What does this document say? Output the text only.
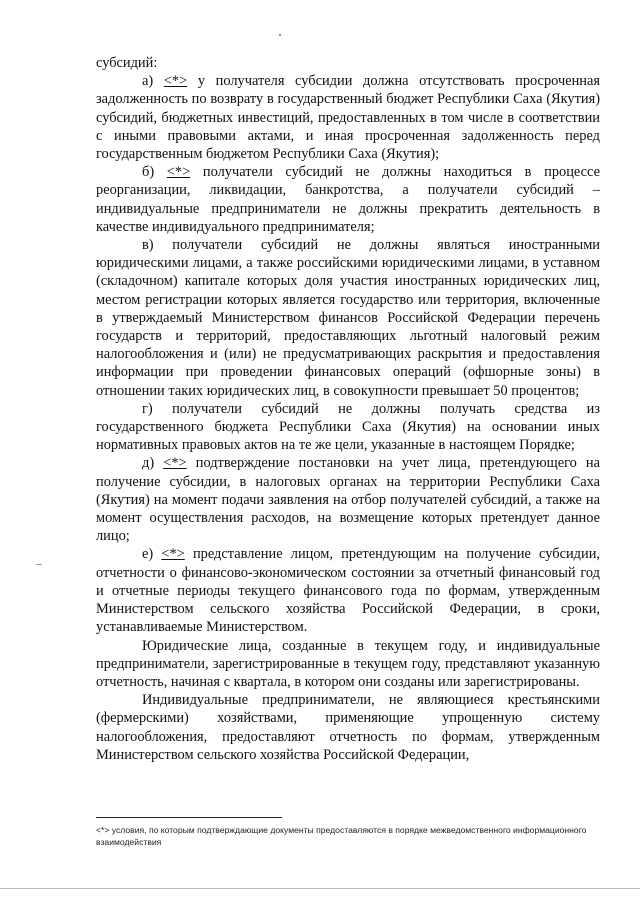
субсидий:

а) <*> у получателя субсидии должна отсутствовать просроченная задолженность по возврату в государственный бюджет Республики Саха (Якутия) субсидий, бюджетных инвестиций, предоставленных в том числе в соответствии с иными правовыми актами, и иная просроченная задолженность перед государственным бюджетом Республики Саха (Якутия);

б) <*> получатели субсидий не должны находиться в процессе реорганизации, ликвидации, банкротства, а получатели субсидий – индивидуальные предприниматели не должны прекратить деятельность в качестве индивидуального предпринимателя;

в) получатели субсидий не должны являться иностранными юридическими лицами, а также российскими юридическими лицами, в уставном (складочном) капитале которых доля участия иностранных юридических лиц, местом регистрации которых является государство или территория, включенные в утверждаемый Министерством финансов Российской Федерации перечень государств и территорий, предоставляющих льготный налоговый режим налогообложения и (или) не предусматривающих раскрытия и предоставления информации при проведении финансовых операций (офшорные зоны) в отношении таких юридических лиц, в совокупности превышает 50 процентов;

г) получатели субсидий не должны получать средства из государственного бюджета Республики Саха (Якутия) на основании иных нормативных правовых актов на те же цели, указанные в настоящем Порядке;

д) <*> подтверждение постановки на учет лица, претендующего на получение субсидии, в налоговых органах на территории Республики Саха (Якутия) на момент подачи заявления на отбор получателей субсидий, а также на момент осуществления расходов, на возмещение которых претендует данное лицо;

е) <*> представление лицом, претендующим на получение субсидии, отчетности о финансово-экономическом состоянии за отчетный финансовый год и отчетные периоды текущего финансового года по формам, утвержденным Министерством сельского хозяйства Российской Федерации, в сроки, устанавливаемые Министерством.

Юридические лица, созданные в текущем году, и индивидуальные предприниматели, зарегистрированные в текущем году, представляют указанную отчетность, начиная с квартала, в котором они созданы или зарегистрированы.

Индивидуальные предприниматели, не являющиеся крестьянскими (фермерскими) хозяйствами, применяющие упрощенную систему налогообложения, предоставляют отчетность по формам, утвержденным Министерством сельского хозяйства Российской Федерации,

<*> условия, по которым подтверждающие документы предоставляются в порядке межведомственного информационного взаимодействия
